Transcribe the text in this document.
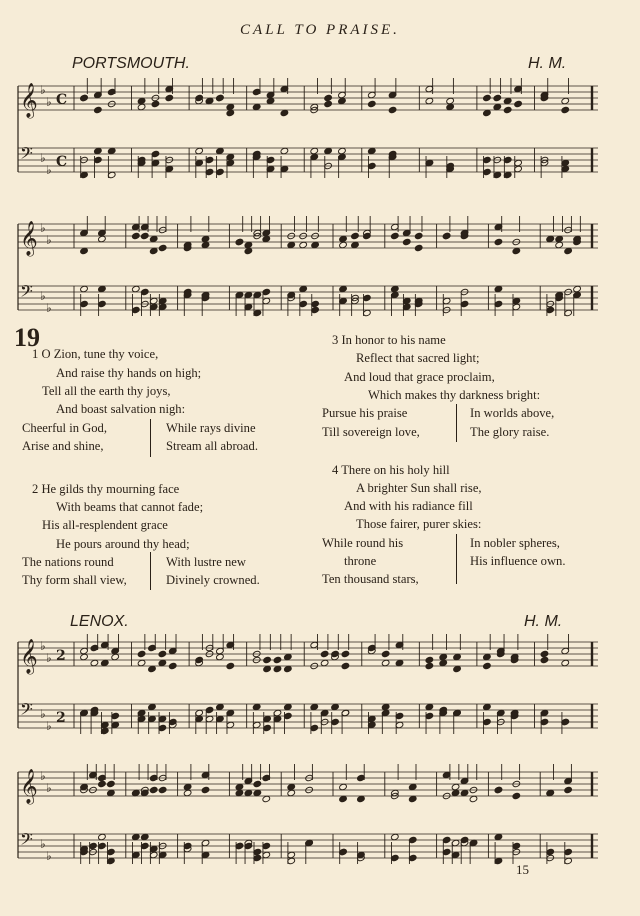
CALL TO PRAISE.
PORTSMOUTH.	H. M.
LENOX.	H. M.
𝄞 ♭
♭ C
𝄢 ♭
♭ C
𝄞 ♭
♭
𝄢 ♭
♭
𝄞 ♭
♭ 2
𝄢 ♭
♭ 2
𝄞 ♭
♭
𝄢 ♭
♭
19
1 O Zion, tune thy voice,
And raise thy hands on high;
Tell all the earth thy joys,
And boast salvation nigh:
Cheerful in God,
Arise and shine,
While rays divine
Stream all abroad.
2 He gilds thy mourning face
With beams that cannot fade;
His all-resplendent grace
He pours around thy head;
The nations round
Thy form shall view,
With lustre new
Divinely crowned.
3 In honor to his name
Reflect that sacred light;
And loud that grace proclaim,
Which makes thy darkness bright:
Pursue his praise
Till sovereign love,
In worlds above,
The glory raise.
4 There on his holy hill
A brighter Sun shall rise,
And with his radiance fill
Those fairer, purer skies:
While round his
throne
Ten thousand stars,
In nobler spheres,
His influence own.
15
